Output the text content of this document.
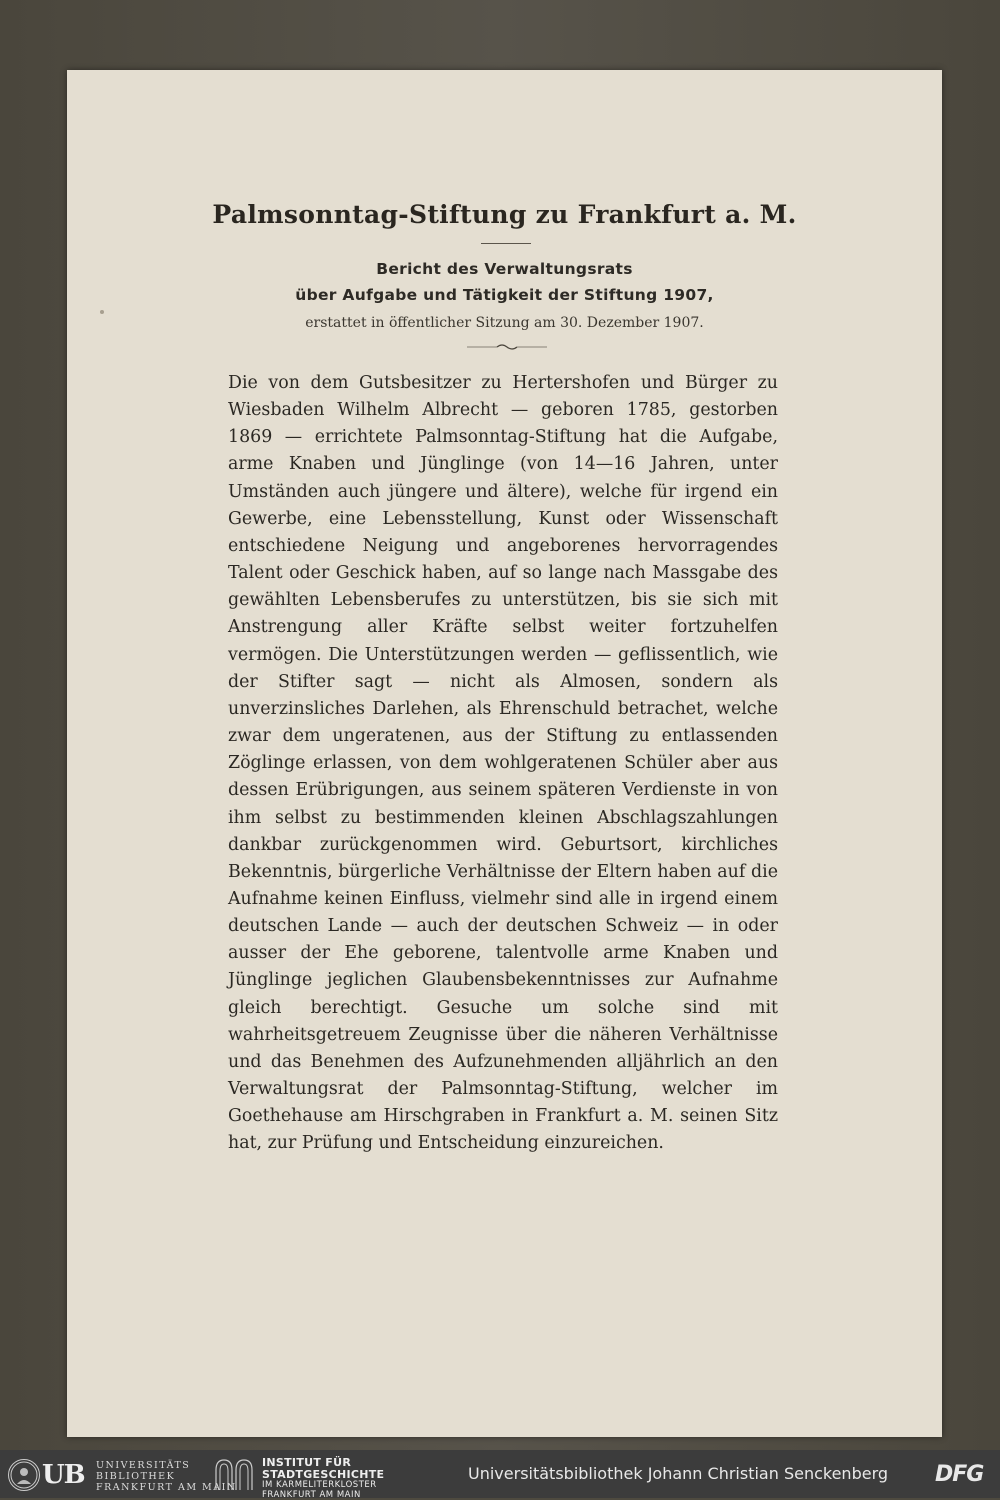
Palmsonntag-Stiftung zu Frankfurt a. M.
Bericht des Verwaltungsrats
über Aufgabe und Tätigkeit der Stiftung 1907,
erstattet in öffentlicher Sitzung am 30. Dezember 1907.
Die von dem Gutsbesitzer zu Hertershofen und Bürger zu Wiesbaden Wilhelm Albrecht — geboren 1785, gestorben 1869 — errichtete Palmsonntag-Stiftung hat die Aufgabe, arme Knaben und Jünglinge (von 14—16 Jahren, unter Umständen auch jüngere und ältere), welche für irgend ein Gewerbe, eine Lebensstellung, Kunst oder Wissenschaft entschiedene Neigung und angeborenes hervorragendes Talent oder Geschick haben, auf so lange nach Massgabe des gewählten Lebensberufes zu unterstützen, bis sie sich mit Anstrengung aller Kräfte selbst weiter fortzuhelfen vermögen. Die Unterstützungen werden — geflissentlich, wie der Stifter sagt — nicht als Almosen, sondern als unverzinsliches Darlehen, als Ehrenschuld betrachet, welche zwar dem ungeratenen, aus der Stiftung zu entlassenden Zöglinge erlassen, von dem wohlgeratenen Schüler aber aus dessen Erübrigungen, aus seinem späteren Verdienste in von ihm selbst zu bestimmenden kleinen Abschlagszahlungen dankbar zurückgenommen wird. Geburtsort, kirchliches Bekenntnis, bürgerliche Verhältnisse der Eltern haben auf die Aufnahme keinen Einfluss, vielmehr sind alle in irgend einem deutschen Lande — auch der deutschen Schweiz — in oder ausser der Ehe geborene, talentvolle arme Knaben und Jünglinge jeglichen Glaubensbekenntnisses zur Aufnahme gleich berechtigt. Gesuche um solche sind mit wahrheitsgetreuem Zeugnisse über die näheren Verhältnisse und das Benehmen des Aufzunehmenden alljährlich an den Verwaltungsrat der Palmsonntag-Stiftung, welcher im Goethehause am Hirschgraben in Frankfurt a. M. seinen Sitz hat, zur Prüfung und Entscheidung einzureichen.
UB UNIVERSITÄTS
BIBLIOTHEK
FRANKFURT AM MAIN
INSTITUT FÜR
STADTGESCHICHTE
IM KARMELITERKLOSTER
FRANKFURT AM MAIN
Universitätsbibliothek Johann Christian Senckenberg DFG
